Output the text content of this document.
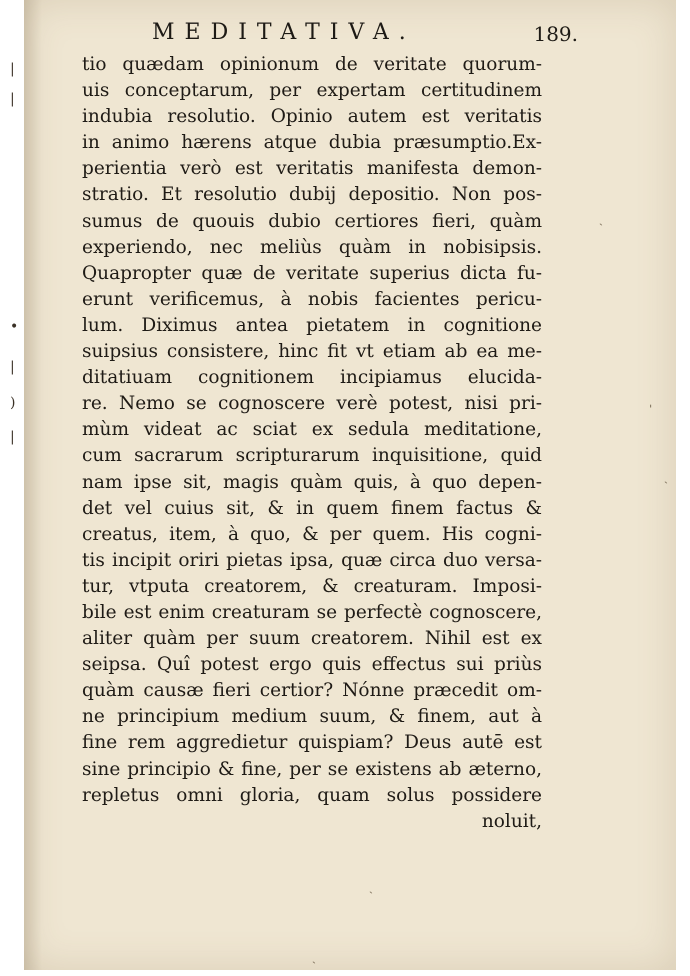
MEDITATIVA.	189.
|
|
•
|
)
|
ˏ
ˌ
ˏ
ˏ
ˎ
tio quædam opinionum de veritate quorum-
uis conceptarum, per expertam certitudinem
indubia resolutio. Opinio autem est veritatis
in animo hærens atque dubia præsumptio.Ex-
perientia verò est veritatis manifesta demon-
stratio. Et resolutio dubij depositio. Non pos-
sumus de quouis dubio certiores fieri, quàm
experiendo, nec meliùs quàm in nobisipsis.
Quapropter quæ de veritate superius dicta fu-
erunt verificemus, à nobis facientes pericu-
lum. Diximus antea pietatem in cognitione
suipsius consistere, hinc fit vt etiam ab ea me-
ditatiuam cognitionem incipiamus elucida-
re. Nemo se cognoscere verè potest, nisi pri-
mùm videat ac sciat ex sedula meditatione,
cum sacrarum scripturarum inquisitione, quid
nam ipse sit, magis quàm quis, à quo depen-
det vel cuius sit, & in quem finem factus &
creatus, item, à quo, & per quem. His cogni-
tis incipit oriri pietas ipsa, quæ circa duo versa-
tur, vtputa creatorem, & creaturam. Imposi-
bile est enim creaturam se perfectè cognoscere,
aliter quàm per suum creatorem. Nihil est ex
seipsa. Quî potest ergo quis effectus sui priùs
quàm causæ fieri certior? Nónne præcedit om-
ne principium medium suum, & finem, aut à
fine rem aggredietur quispiam? Deus autē est
sine principio & fine, per se existens ab æterno,
repletus omni gloria, quam solus possidere
noluit,
